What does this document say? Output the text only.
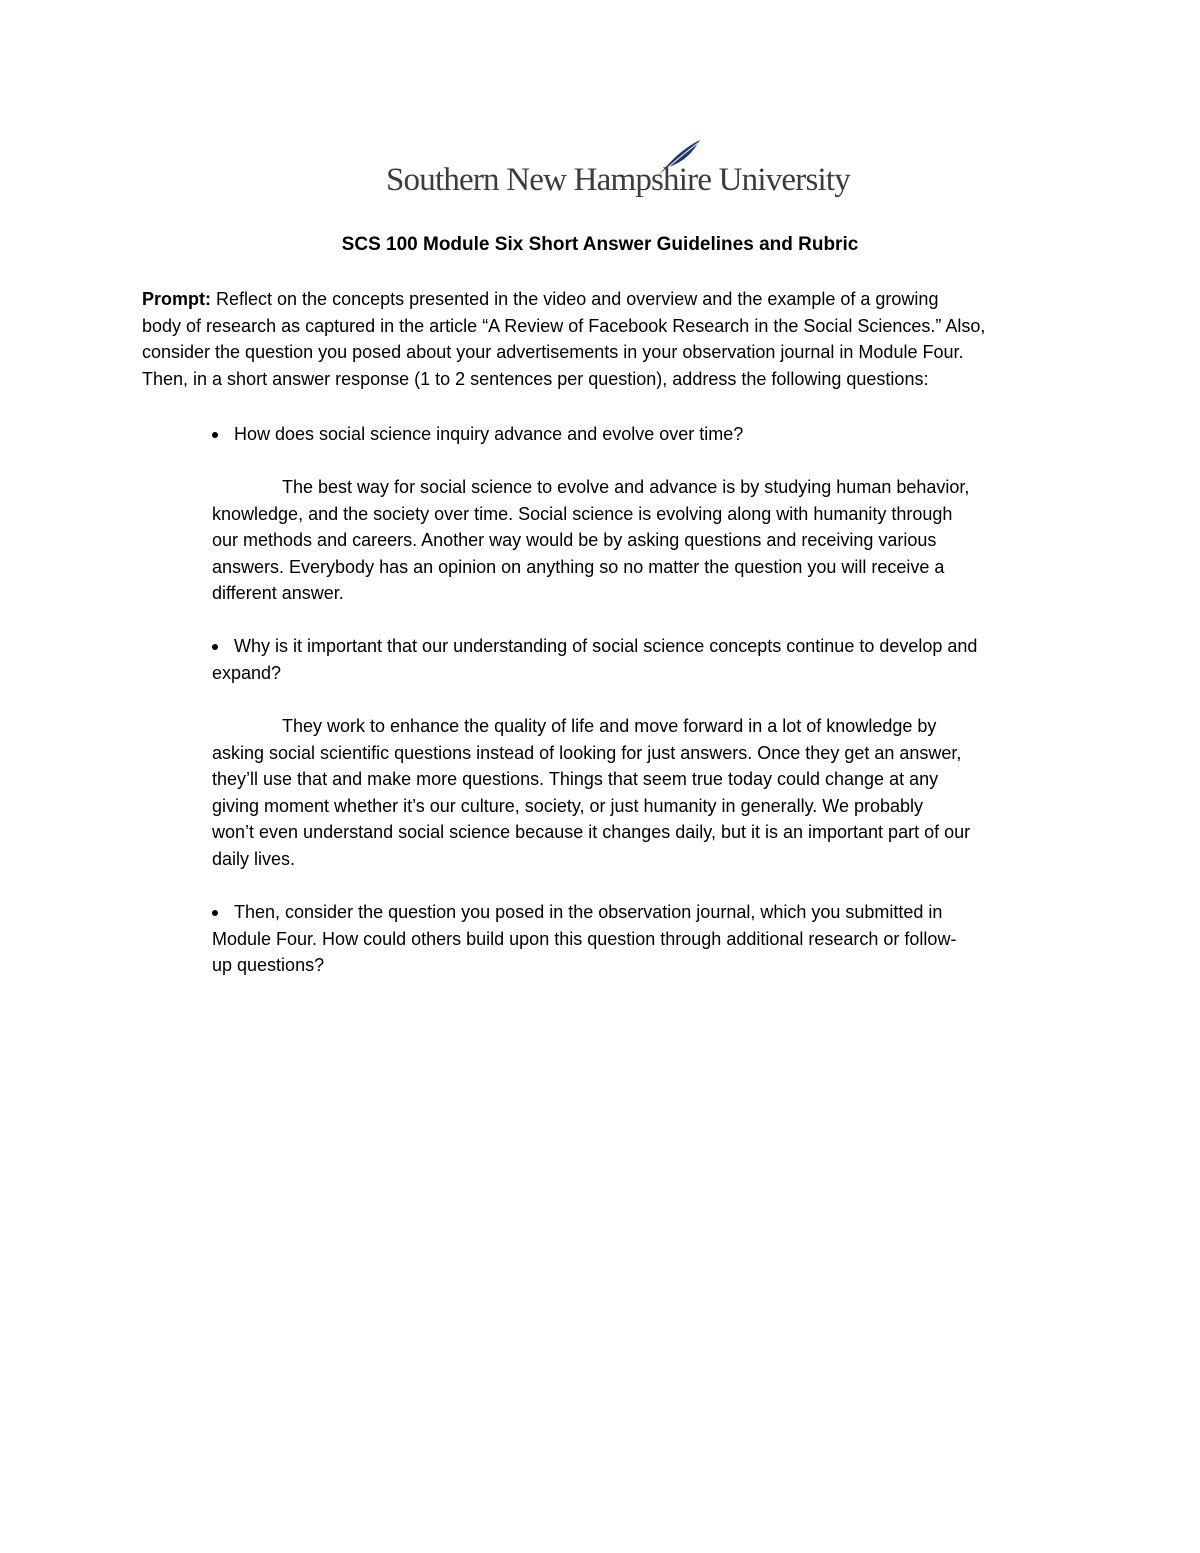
Southern New Hampshire University
SCS 100 Module Six Short Answer Guidelines and Rubric
Prompt: Reflect on the concepts presented in the video and overview and the example of a growing
body of research as captured in the article “A Review of Facebook Research in the Social Sciences.” Also,
consider the question you posed about your advertisements in your observation journal in Module Four.
Then, in a short answer response (1 to 2 sentences per question), address the following questions:
How does social science inquiry advance and evolve over time?
The best way for social science to evolve and advance is by studying human behavior,
knowledge, and the society over time. Social science is evolving along with humanity through
our methods and careers. Another way would be by asking questions and receiving various
answers. Everybody has an opinion on anything so no matter the question you will receive a
different answer.
Why is it important that our understanding of social science concepts continue to develop and
expand?
They work to enhance the quality of life and move forward in a lot of knowledge by
asking social scientific questions instead of looking for just answers. Once they get an answer,
they’ll use that and make more questions. Things that seem true today could change at any
giving moment whether it’s our culture, society, or just humanity in generally. We probably
won’t even understand social science because it changes daily, but it is an important part of our
daily lives.
Then, consider the question you posed in the observation journal, which you submitted in
Module Four. How could others build upon this question through additional research or follow-
up questions?
